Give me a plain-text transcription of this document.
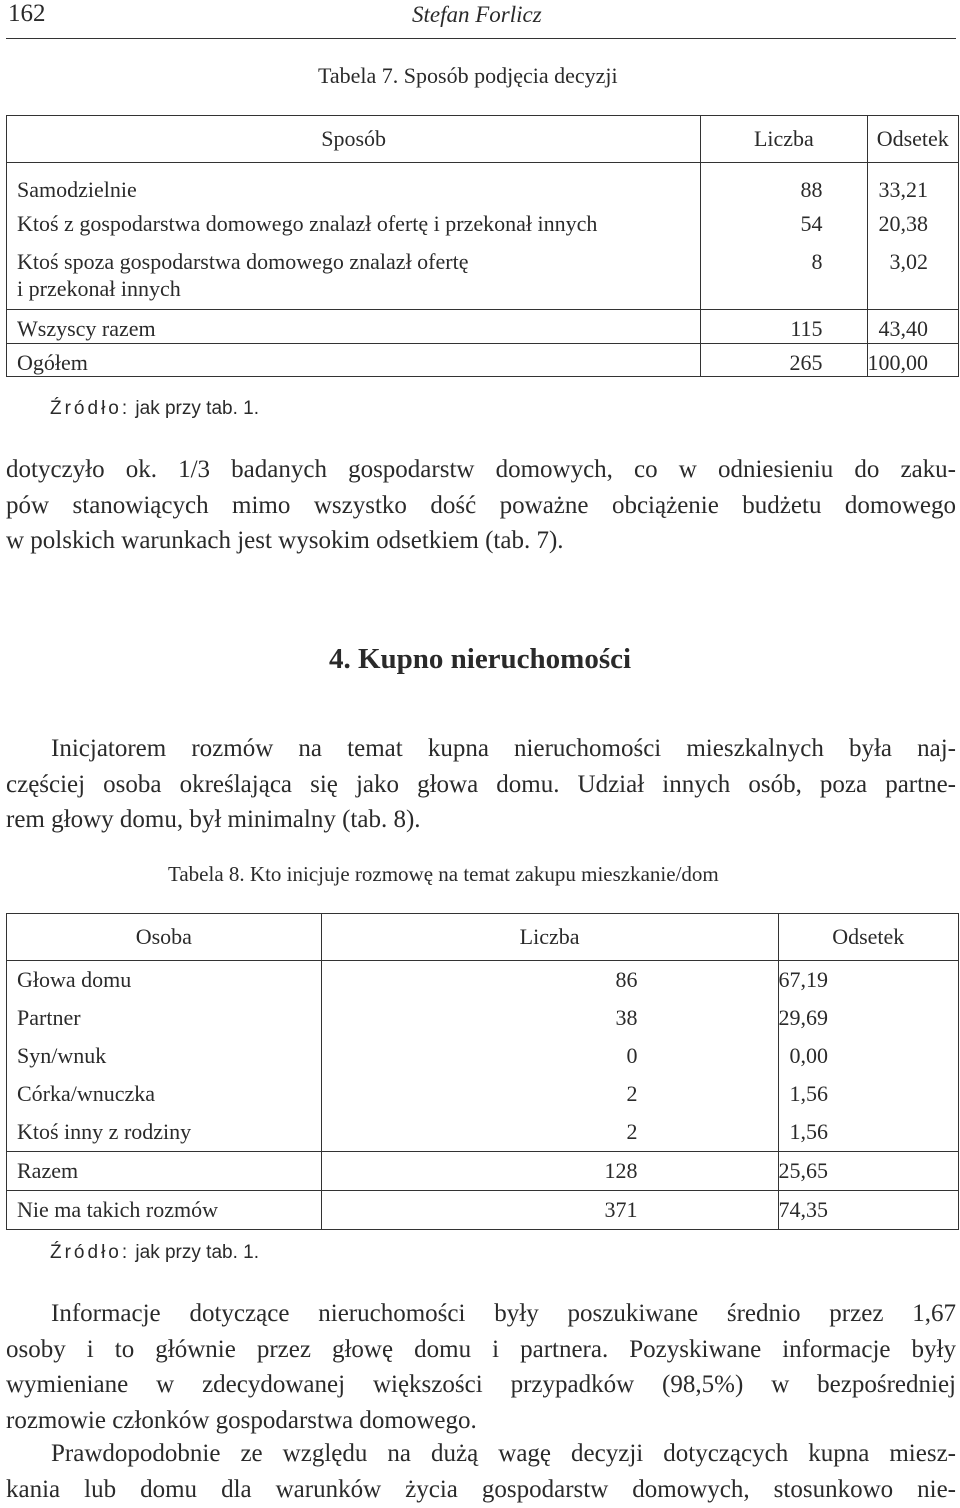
162	Stefan Forlicz
Tabela 7. Sposób podjęcia decyzji
Sposób	Liczba	Odsetek
Samodzielnie	88	33,21
Ktoś z gospodarstwa domowego znalazł ofertę i przekonał innych	54	20,38
Ktoś spoza gospodarstwa domowego znalazł ofertę
i przekonał innych	8	3,02
Wszyscy razem	115	43,40
Ogółem	265	100,00
Źródło: jak przy tab. 1.
dotyczyło ok. 1/3 badanych gospodarstw domowych, co w odniesieniu do zaku-
pów stanowiących mimo wszystko dość poważne obciążenie budżetu domowego
w polskich warunkach jest wysokim odsetkiem (tab. 7).
4. Kupno nieruchomości
Inicjatorem rozmów na temat kupna nieruchomości mieszkalnych była naj-
częściej osoba określająca się jako głowa domu. Udział innych osób, poza partne-
rem głowy domu, był minimalny (tab. 8).
Tabela 8. Kto inicjuje rozmowę na temat zakupu mieszkanie/dom
Osoba	Liczba	Odsetek
Głowa domu	86	67,19
Partner	38	29,69
Syn/wnuk	0	0,00
Córka/wnuczka	2	1,56
Ktoś inny z rodziny	2	1,56
Razem	128	25,65
Nie ma takich rozmów	371	74,35
Źródło: jak przy tab. 1.
Informacje dotyczące nieruchomości były poszukiwane średnio przez 1,67
osoby i to głównie przez głowę domu i partnera. Pozyskiwane informacje były
wymieniane w zdecydowanej większości przypadków (98,5%) w bezpośredniej
rozmowie członków gospodarstwa domowego.
Prawdopodobnie ze względu na dużą wagę decyzji dotyczących kupna miesz-
kania lub domu dla warunków życia gospodarstw domowych, stosunkowo nie-
